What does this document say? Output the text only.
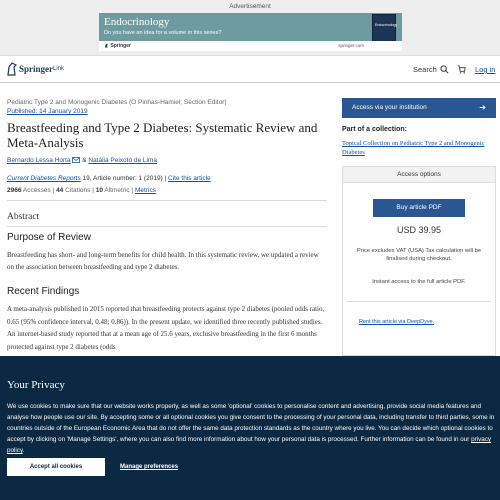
Advertisement
Endocrinology
Do you have an idea for a volume in this series?
Endocrinology
Springer	springer.com
Springer Link	Search	Log in
Pediatric Type 2 and Monogenic Diabetes (O Pinhas-Hamiel; Section Editor)
Published: 14 January 2019
Breastfeeding and Type 2 Diabetes: Systematic Review and Meta-Analysis
Bernardo Lessa Horta  & Natália Peixoto de Lima
Current Diabetes Reports 19, Article number: 1 (2019) | Cite this article
2966 Accesses | 44 Citations | 10 Altmetric | Metrics
Abstract
Purpose of Review

Breastfeeding has short- and long-term benefits for child health. In this systematic review, we updated a review on the association between breastfeeding and type 2 diabetes.

Recent Findings

A meta-analysis published in 2015 reported that breastfeeding protects against type 2 diabetes (pooled odds ratio, 0.65 (95% confidence interval, 0.48; 0.86)). In the present update, we identified three recently published studies. An internet-based study reported that at a mean age of 25.6 years, exclusive breastfeeding in the first 6 months protected against type 2 diabetes (odds

Access via your institution	➔
Part of a collection:
Topical Collection on Pediatric Type 2 and Monogenic Diabetes
Access options
Buy article PDF
USD 39.95
Price excludes VAT (USA) Tax calculation will be finalised during checkout.
Instant access to the full article PDF.
Rent this article via DeepDyve.
Your Privacy
We use cookies to make sure that our website works properly, as well as some 'optional' cookies to personalise content and advertising, provide social media features and analyse how people use our site. By accepting some or all optional cookies you give consent to the processing of your personal data, including transfer to third parties, some in countries outside of the European Economic Area that do not offer the same data protection standards as the country where you live. You can decide which optional cookies to accept by clicking on 'Manage Settings', where you can also find more information about how your personal data is processed. Further information can be found in our privacy policy.
Accept all cookies	Manage preferences
